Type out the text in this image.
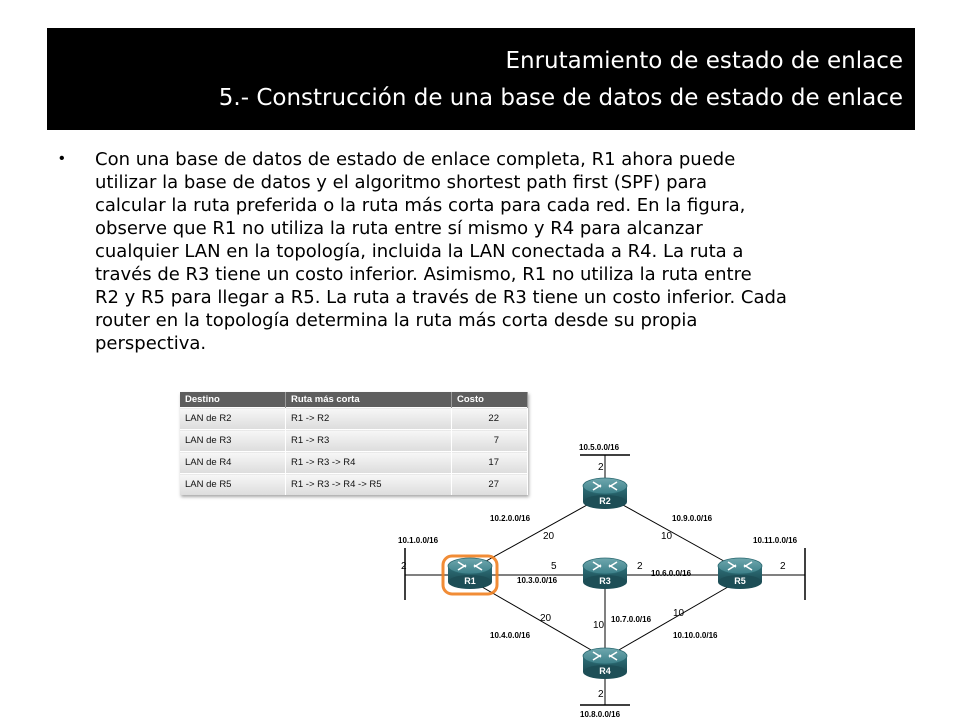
Enrutamiento de estado de enlace
5.- Construcción de una base de datos de estado de enlace
• Con una base de datos de estado de enlace completa, R1 ahora puede
utilizar la base de datos y el algoritmo shortest path first (SPF) para
calcular la ruta preferida o la ruta más corta para cada red. En la figura,
observe que R1 no utiliza la ruta entre sí mismo y R4 para alcanzar
cualquier LAN en la topología, incluida la LAN conectada a R4. La ruta a
través de R3 tiene un costo inferior. Asimismo, R1 no utiliza la ruta entre
R2 y R5 para llegar a R5. La ruta a través de R3 tiene un costo inferior. Cada
router en la topología determina la ruta más corta desde su propia
perspectiva.
Destino	Ruta más corta	Costo
LAN de R2	R1 -> R2	22
LAN de R3	R1 -> R3	7
LAN de R4	R1 -> R3 -> R4	17
LAN de R5	R1 -> R3 -> R4 -> R5	27
R1
R2
R3
R4
R5
10.1.0.0/16
10.2.0.0/16
10.3.0.0/16
10.4.0.0/16
10.5.0.0/16
10.6.0.0/16
10.7.0.0/16
10.8.0.0/16
10.9.0.0/16
10.10.0.0/16
10.11.0.0/16
20
5
20
10
2
10
10
2
2
2
2
